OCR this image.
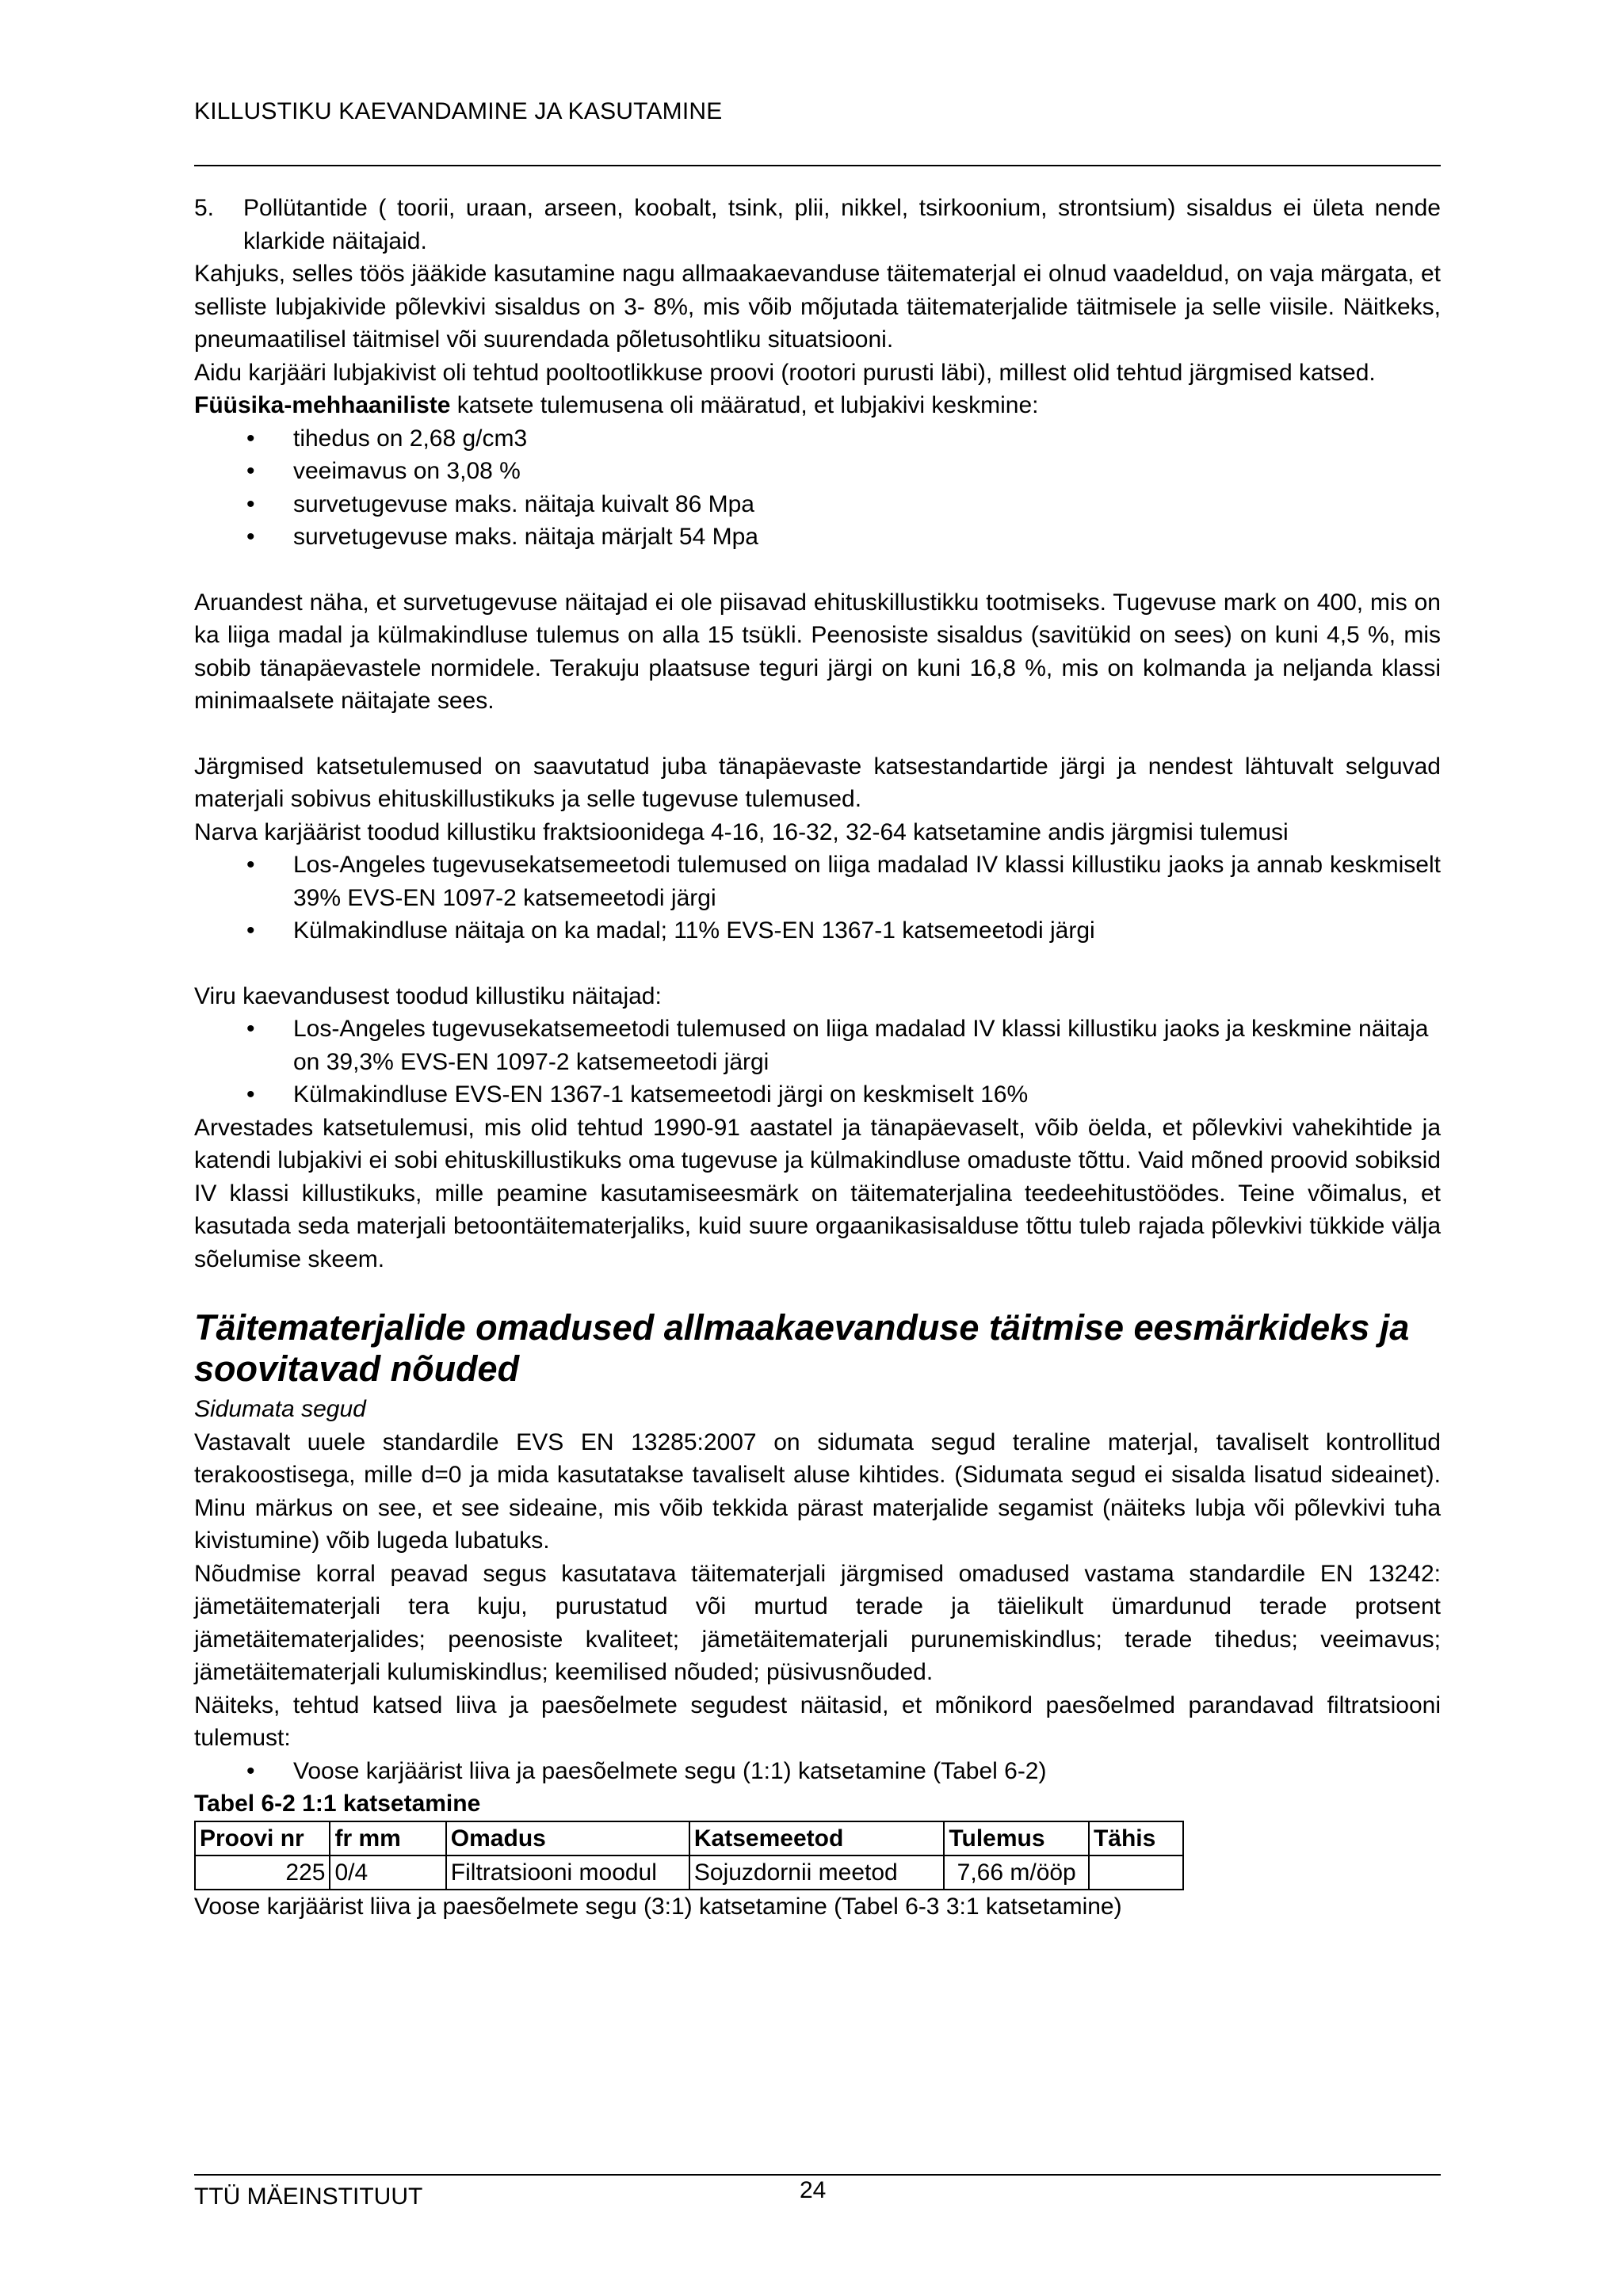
KILLUSTIKU KAEVANDAMINE JA KASUTAMINE
5.	Pollütantide ( toorii, uraan, arseen, koobalt, tsink, plii, nikkel, tsirkoonium, strontsium) sisaldus ei ületa nende klarkide näitajaid.

Kahjuks, selles töös jääkide kasutamine nagu allmaakaevanduse täitematerjal ei olnud vaadeldud, on vaja märgata, et selliste lubjakivide põlevkivi sisaldus on 3- 8%, mis võib mõjutada täitematerjalide täitmisele ja selle viisile. Näitkeks, pneumaatilisel täitmisel või suurendada põletusohtliku situatsiooni.

Aidu karjääri lubjakivist oli tehtud pooltootlikkuse proovi (rootori purusti läbi), millest olid tehtud järgmised katsed.

Füüsika-mehhaaniliste katsete tulemusena oli määratud, et lubjakivi keskmine:

• tihedus on 2,68 g/cm3
• veeimavus on 3,08 %
• survetugevuse maks. näitaja kuivalt 86 Mpa
• survetugevuse maks. näitaja märjalt 54 Mpa

Aruandest näha, et survetugevuse näitajad ei ole piisavad ehituskillustikku tootmiseks. Tugevuse mark on 400, mis on ka liiga madal ja külmakindluse tulemus on alla 15 tsükli. Peenosiste sisaldus (savitükid on sees) on kuni 4,5 %, mis sobib tänapäevastele normidele. Terakuju plaatsuse teguri järgi on kuni 16,8 %, mis on kolmanda ja neljanda klassi minimaalsete näitajate sees.

Järgmised katsetulemused on saavutatud juba tänapäevaste katsestandartide järgi ja nendest lähtuvalt selguvad materjali sobivus ehituskillustikuks ja selle tugevuse tulemused.

Narva karjäärist toodud killustiku fraktsioonidega 4-16, 16-32, 32-64 katsetamine andis järgmisi tulemusi

• Los-Angeles tugevusekatsemeetodi tulemused on liiga madalad IV klassi killustiku jaoks ja annab keskmiselt 39% EVS-EN 1097-2 katsemeetodi järgi
• Külmakindluse näitaja on ka madal; 11% EVS-EN 1367-1 katsemeetodi järgi

Viru kaevandusest toodud killustiku näitajad:

• Los-Angeles tugevusekatsemeetodi tulemused on liiga madalad IV klassi killustiku jaoks ja keskmine näitaja on 39,3% EVS-EN 1097-2 katsemeetodi järgi
• Külmakindluse EVS-EN 1367-1 katsemeetodi järgi on keskmiselt 16%

Arvestades katsetulemusi, mis olid tehtud 1990-91 aastatel ja tänapäevaselt, võib öelda, et põlevkivi vahekihtide ja katendi lubjakivi ei sobi ehituskillustikuks oma tugevuse ja külmakindluse omaduste tõttu. Vaid mõned proovid sobiksid IV klassi killustikuks, mille peamine kasutamiseesmärk on täitematerjalina teedeehitustöödes. Teine võimalus, et kasutada seda materjali betoontäitematerjaliks, kuid suure orgaanikasisalduse tõttu tuleb rajada põlevkivi tükkide välja sõelumise skeem.

Täitematerjalide omadused allmaakaevanduse täitmise eesmärkideks ja soovitavad nõuded

Sidumata segud

Vastavalt uuele standardile EVS EN 13285:2007 on sidumata segud teraline materjal, tavaliselt kontrollitud terakoostisega, mille d=0 ja mida kasutatakse tavaliselt aluse kihtides. (Sidumata segud ei sisalda lisatud sideainet). Minu märkus on see, et see sideaine, mis võib tekkida pärast materjalide segamist (näiteks lubja või põlevkivi tuha kivistumine) võib lugeda lubatuks.

Nõudmise korral peavad segus kasutatava täitematerjali järgmised omadused vastama standardile EN 13242: jämetäitematerjali tera kuju, purustatud või murtud terade ja täielikult ümardunud terade protsent jämetäitematerjalides; peenosiste kvaliteet; jämetäitematerjali purunemiskindlus; terade tihedus; veeimavus; jämetäitematerjali kulumiskindlus; keemilised nõuded; püsivusnõuded.

Näiteks, tehtud katsed liiva ja paesõelmete segudest näitasid, et mõnikord paesõelmed parandavad filtratsiooni tulemust:

• Voose karjäärist liiva ja paesõelmete segu (1:1) katsetamine (Tabel 6-2)

Tabel 6-2 1:1 katsetamine

Proovi nr	fr mm	Omadus	Katsemeetod	Tulemus	Tähis
225	0/4	Filtratsiooni moodul	Sojuzdornii meetod	7,66 m/ööp	

Voose karjäärist liiva ja paesõelmete segu (3:1) katsetamine (Tabel 6-3 3:1 katsetamine)

TTÜ MÄEINSTITUUT	24
